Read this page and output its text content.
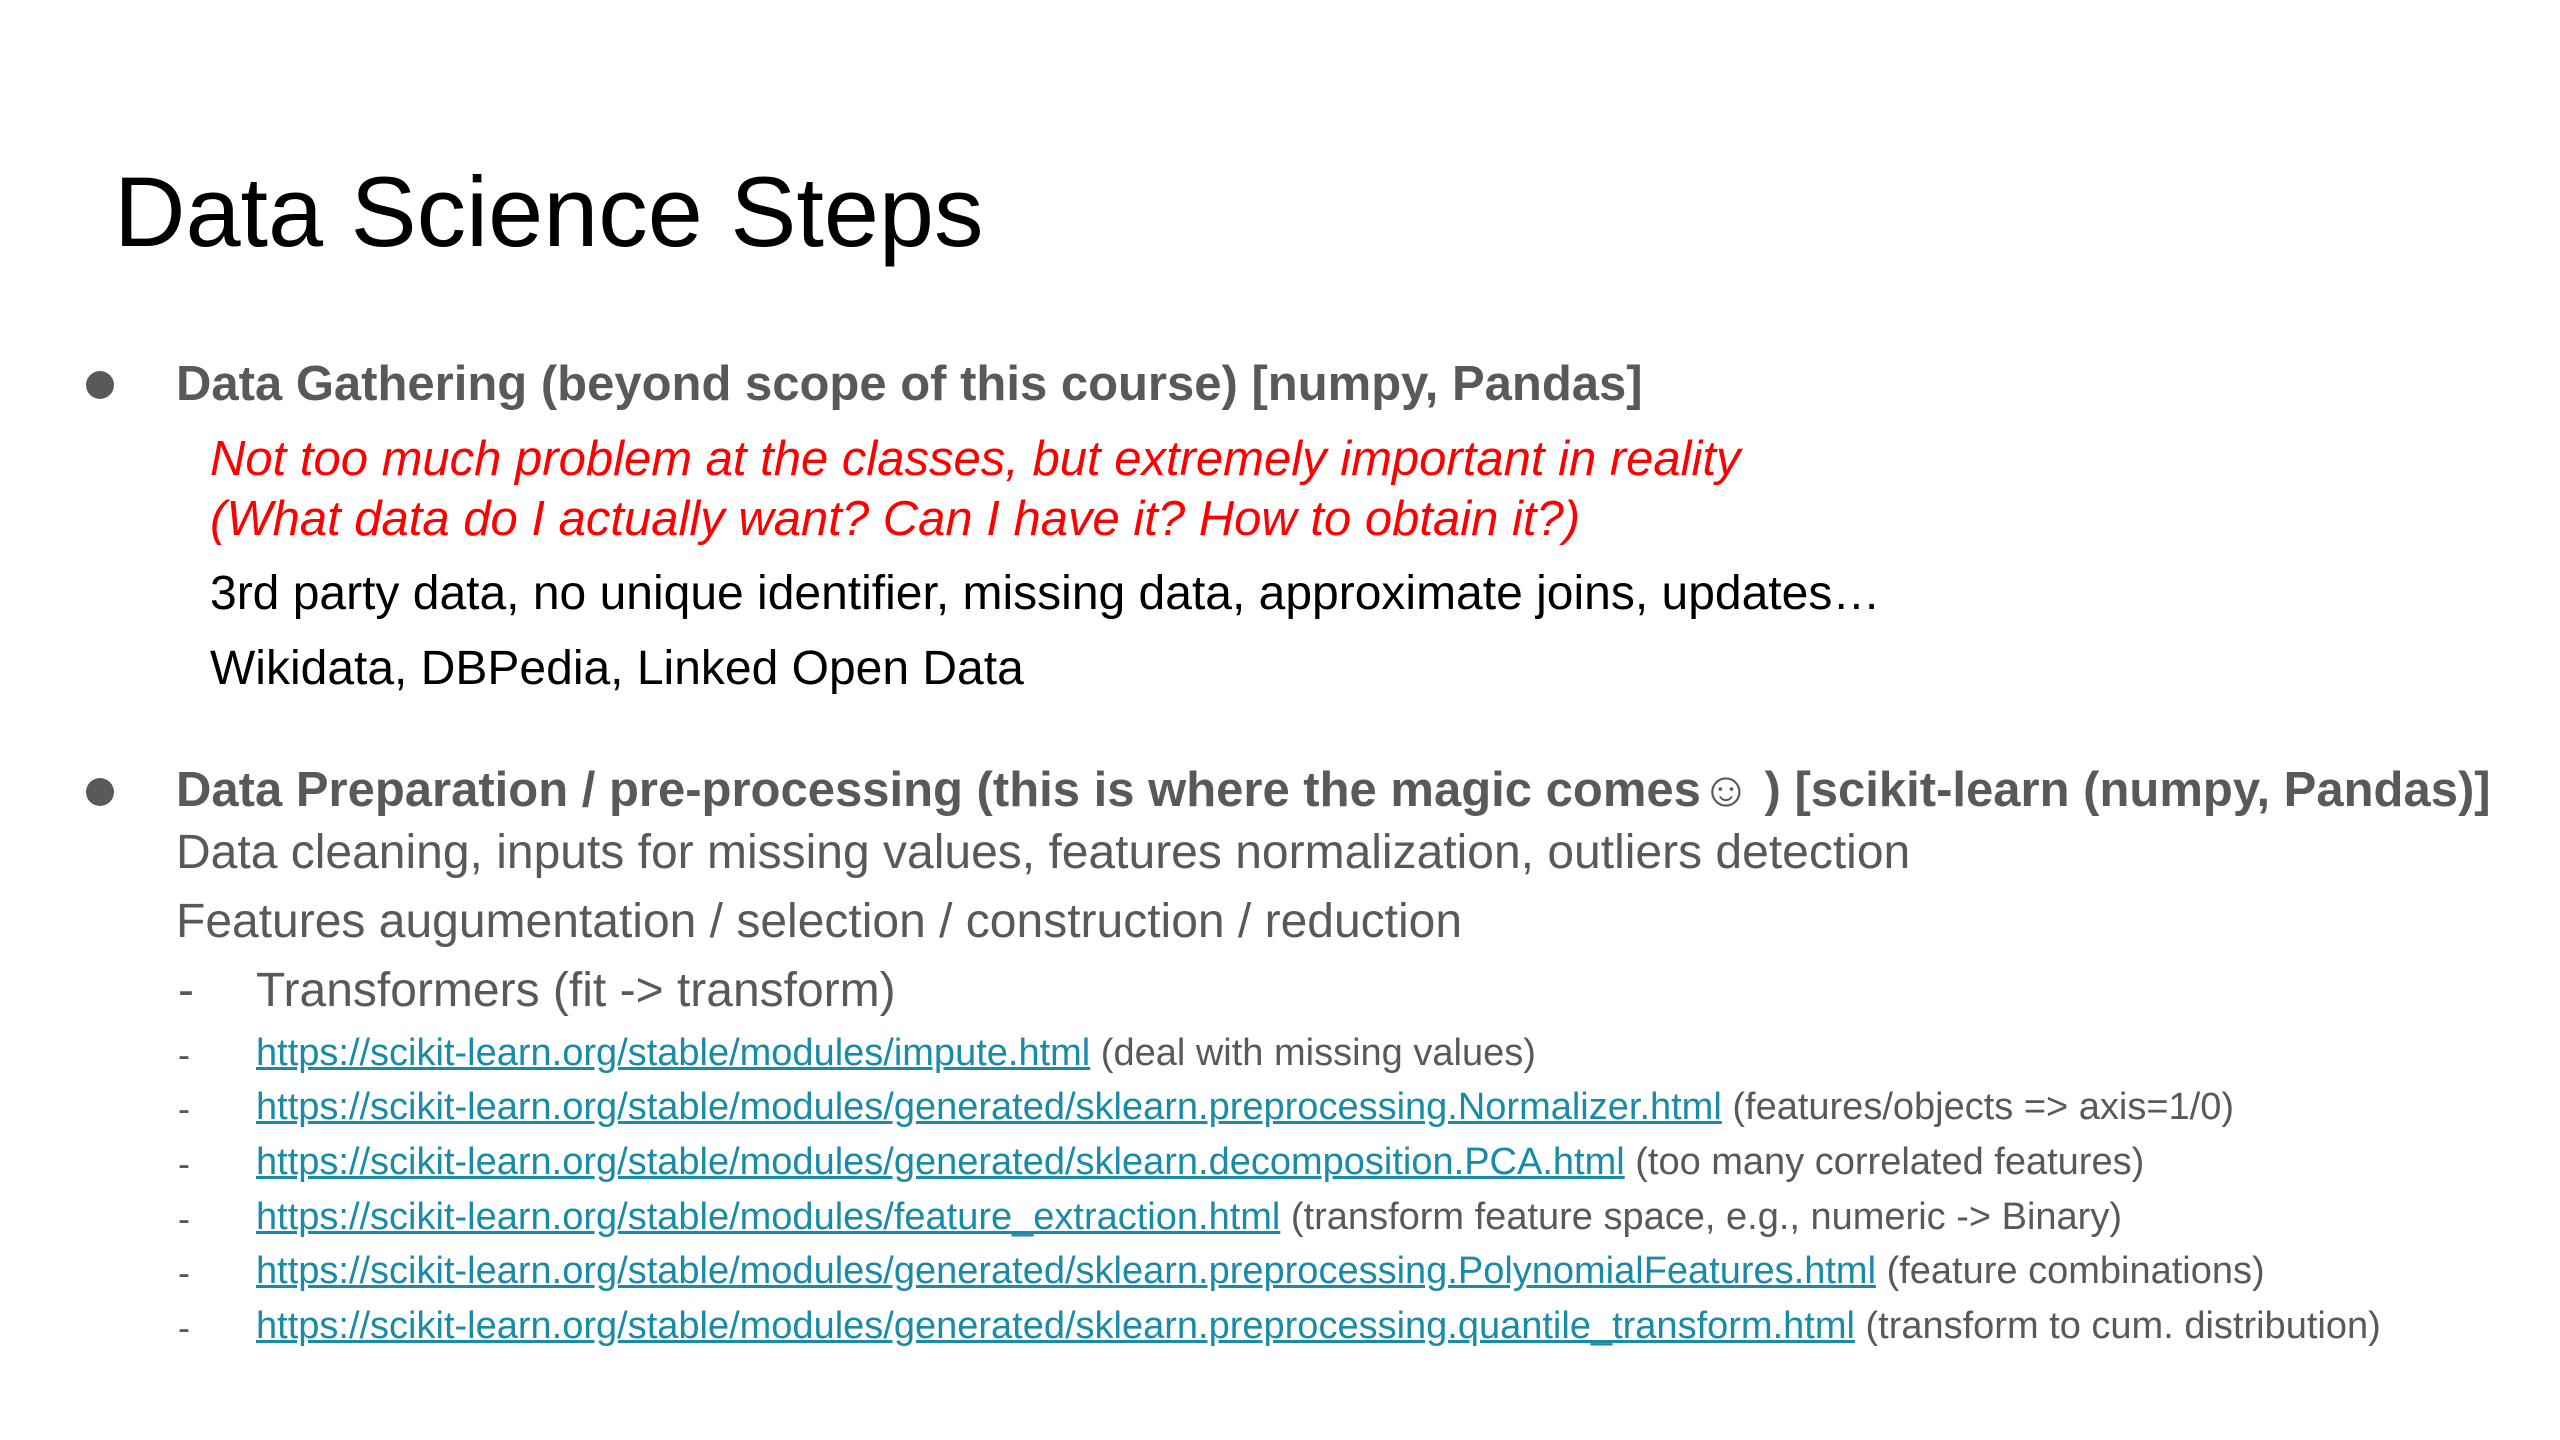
Data Science Steps
Data Gathering (beyond scope of this course) [numpy, Pandas]
Not too much problem at the classes, but extremely important in reality
(What data do I actually want? Can I have it? How to obtain it?)
3rd party data, no unique identifier, missing data, approximate joins, updates…
Wikidata, DBPedia, Linked Open Data
Data Preparation / pre-processing (this is where the magic comes☺ ) [scikit-learn (numpy, Pandas)]
Data cleaning, inputs for missing values, features normalization, outliers detection
Features augumentation / selection / construction / reduction
- Transformers (fit -> transform)
- https://scikit-learn.org/stable/modules/impute.html (deal with missing values)
- https://scikit-learn.org/stable/modules/generated/sklearn.preprocessing.Normalizer.html (features/objects => axis=1/0)
- https://scikit-learn.org/stable/modules/generated/sklearn.decomposition.PCA.html (too many correlated features)
- https://scikit-learn.org/stable/modules/feature_extraction.html (transform feature space, e.g., numeric -> Binary)
- https://scikit-learn.org/stable/modules/generated/sklearn.preprocessing.PolynomialFeatures.html (feature combinations)
- https://scikit-learn.org/stable/modules/generated/sklearn.preprocessing.quantile_transform.html (transform to cum. distribution)
